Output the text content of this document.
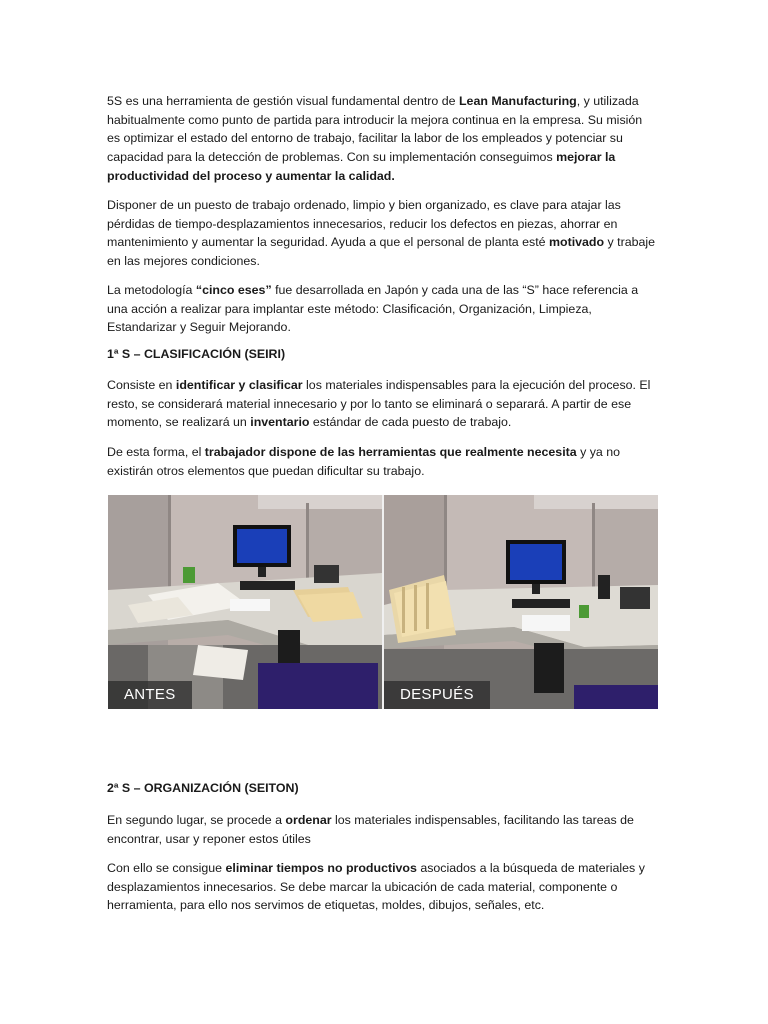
5S es una herramienta de gestión visual fundamental dentro de Lean Manufacturing, y utilizada habitualmente como punto de partida para introducir la mejora continua en la empresa. Su misión es optimizar el estado del entorno de trabajo, facilitar la labor de los empleados y potenciar su capacidad para la detección de problemas. Con su implementación conseguimos mejorar la productividad del proceso y aumentar la calidad.

Disponer de un puesto de trabajo ordenado, limpio y bien organizado, es clave para atajar las pérdidas de tiempo-desplazamientos innecesarios, reducir los defectos en piezas, ahorrar en mantenimiento y aumentar la seguridad. Ayuda a que el personal de planta esté motivado y trabaje en las mejores condiciones.

La metodología “cinco eses” fue desarrollada en Japón y cada una de las “S” hace referencia a una acción a realizar para implantar este método: Clasificación, Organización, Limpieza, Estandarizar y Seguir Mejorando.

1ª S – CLASIFICACIÓN (SEIRI)

Consiste en identificar y clasificar los materiales indispensables para la ejecución del proceso. El resto, se considerará material innecesario y por lo tanto se eliminará o separará. A partir de ese momento, se realizará un inventario estándar de cada puesto de trabajo.

De esta forma, el trabajador dispone de las herramientas que realmente necesita y ya no existirán otros elementos que puedan dificultar su trabajo.

ANTES	DESPUÉS
2ª S – ORGANIZACIÓN (SEITON)

En segundo lugar, se procede a ordenar los materiales indispensables, facilitando las tareas de encontrar, usar y reponer estos útiles

Con ello se consigue eliminar tiempos no productivos asociados a la búsqueda de materiales y desplazamientos innecesarios. Se debe marcar la ubicación de cada material, componente o herramienta, para ello nos servimos de etiquetas, moldes, dibujos, señales, etc.
